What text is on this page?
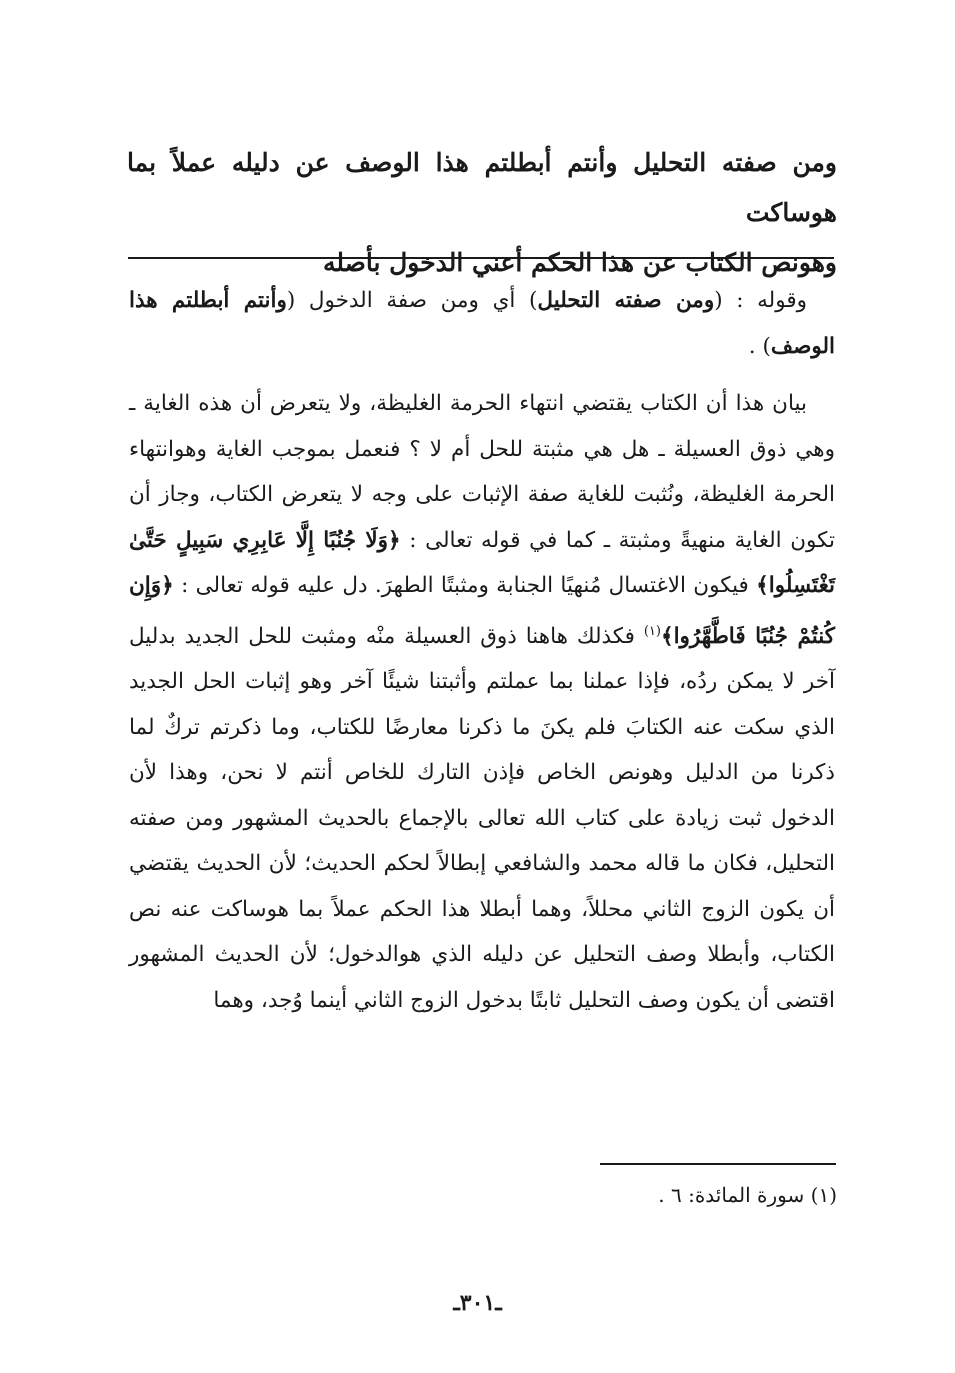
ومن صفته التحليل وأنتم أبطلتم هذا الوصف عن دليله عملاً بما هوساكت

وهونص الكتاب عن هذا الحكم أعني الدخول بأصله

وقوله : (ومن صفته التحليل) أي ومن صفة الدخول (وأنتم أبطلتم هذا الوصف) .

بيان هذا أن الكتاب يقتضي انتهاء الحرمة الغليظة، ولا يتعرض أن هذه الغاية ـ وهي ذوق العسيلة ـ هل هي مثبتة للحل أم لا ؟ فنعمل بموجب الغاية وهوانتهاء الحرمة الغليظة، ونُثبت للغاية صفة الإثبات على وجه لا يتعرض الكتاب، وجاز أن تكون الغاية منهيةً ومثبتة ـ كما في قوله تعالى : ﴿وَلَا جُنُبًا إِلَّا عَابِرِي سَبِيلٍ حَتَّىٰ تَغْتَسِلُوا﴾ فيكون الاغتسال مُنهيًا الجنابة ومثبتًا الطهرَ. دل عليه قوله تعالى : ﴿وَإِن كُنتُمْ جُنُبًا فَاطَّهَّرُوا﴾$^{(١)}$ فكذلك هاهنا ذوق العسيلة منْه ومثبت للحل الجديد بدليل آخر لا يمكن ردُه، فإذا عملنا بما عملتم وأثبتنا شيئًا آخر وهو إثبات الحل الجديد الذي سكت عنه الكتابَ فلم يكنَ ما ذكرنا معارضًا للكتاب، وما ذكرتم تركٌ لما ذكرنا من الدليل وهونص الخاص فإذن التارك للخاص أنتم لا نحن، وهذا لأن الدخول ثبت زيادة على كتاب الله تعالى بالإجماع بالحديث المشهور ومن صفته التحليل، فكان ما قاله محمد والشافعي إبطالاً لحكم الحديث؛ لأن الحديث يقتضي أن يكون الزوج الثاني محللاً، وهما أبطلا هذا الحكم عملاً بما هوساكت عنه نص الكتاب، وأبطلا وصف التحليل عن دليله الذي هوالدخول؛ لأن الحديث المشهور اقتضى أن يكون وصف التحليل ثابتًا بدخول الزوج الثاني أينما وُجد، وهما

(١) سورة المائدة: ٦ .
ـ٣٠١ـ
